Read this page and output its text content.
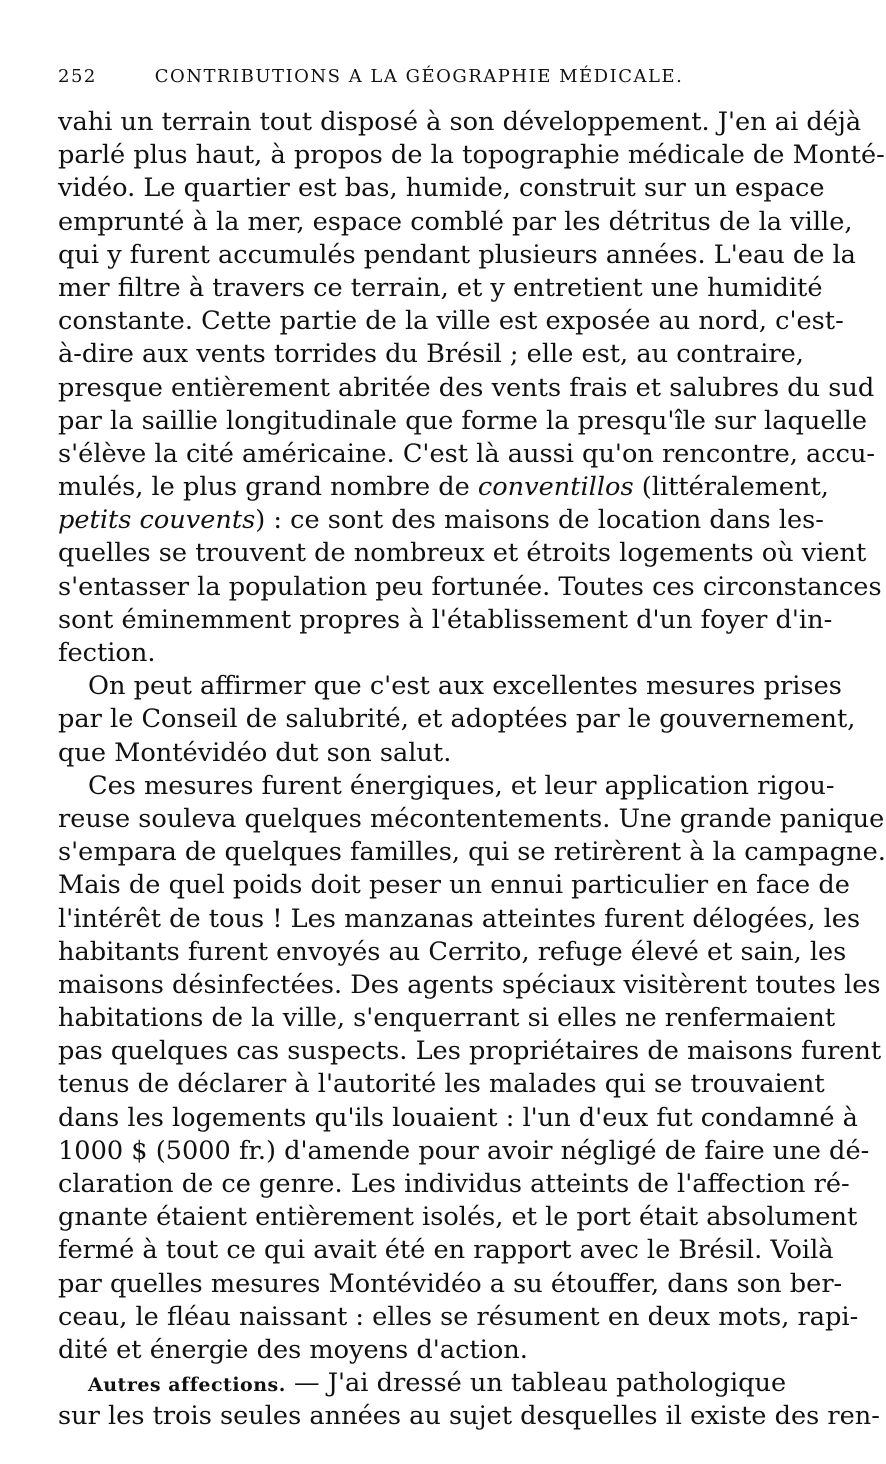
252	CONTRIBUTIONS A LA GÉOGRAPHIE MÉDICALE.
vahi un terrain tout disposé à son développement. J'en ai déjà
parlé plus haut, à propos de la topographie médicale de Monté-
vidéo. Le quartier est bas, humide, construit sur un espace
emprunté à la mer, espace comblé par les détritus de la ville,
qui y furent accumulés pendant plusieurs années. L'eau de la
mer filtre à travers ce terrain, et y entretient une humidité
constante. Cette partie de la ville est exposée au nord, c'est-
à-dire aux vents torrides du Brésil ; elle est, au contraire,
presque entièrement abritée des vents frais et salubres du sud
par la saillie longitudinale que forme la presqu'île sur laquelle
s'élève la cité américaine. C'est là aussi qu'on rencontre, accu-
mulés, le plus grand nombre de conventillos (littéralement,
petits couvents) : ce sont des maisons de location dans les-
quelles se trouvent de nombreux et étroits logements où vient
s'entasser la population peu fortunée. Toutes ces circonstances
sont éminemment propres à l'établissement d'un foyer d'in-
fection.
On peut affirmer que c'est aux excellentes mesures prises
par le Conseil de salubrité, et adoptées par le gouvernement,
que Montévidéo dut son salut.
Ces mesures furent énergiques, et leur application rigou-
reuse souleva quelques mécontentements. Une grande panique
s'empara de quelques familles, qui se retirèrent à la campagne.
Mais de quel poids doit peser un ennui particulier en face de
l'intérêt de tous ! Les manzanas atteintes furent délogées, les
habitants furent envoyés au Cerrito, refuge élevé et sain, les
maisons désinfectées. Des agents spéciaux visitèrent toutes les
habitations de la ville, s'enquerrant si elles ne renfermaient
pas quelques cas suspects. Les propriétaires de maisons furent
tenus de déclarer à l'autorité les malades qui se trouvaient
dans les logements qu'ils louaient : l'un d'eux fut condamné à
1000 $ (5000 fr.) d'amende pour avoir négligé de faire une dé-
claration de ce genre. Les individus atteints de l'affection ré-
gnante étaient entièrement isolés, et le port était absolument
fermé à tout ce qui avait été en rapport avec le Brésil. Voilà
par quelles mesures Montévidéo a su étouffer, dans son ber-
ceau, le fléau naissant : elles se résument en deux mots, rapi-
dité et énergie des moyens d'action.
Autres affections. — J'ai dressé un tableau pathologique
sur les trois seules années au sujet desquelles il existe des ren-
